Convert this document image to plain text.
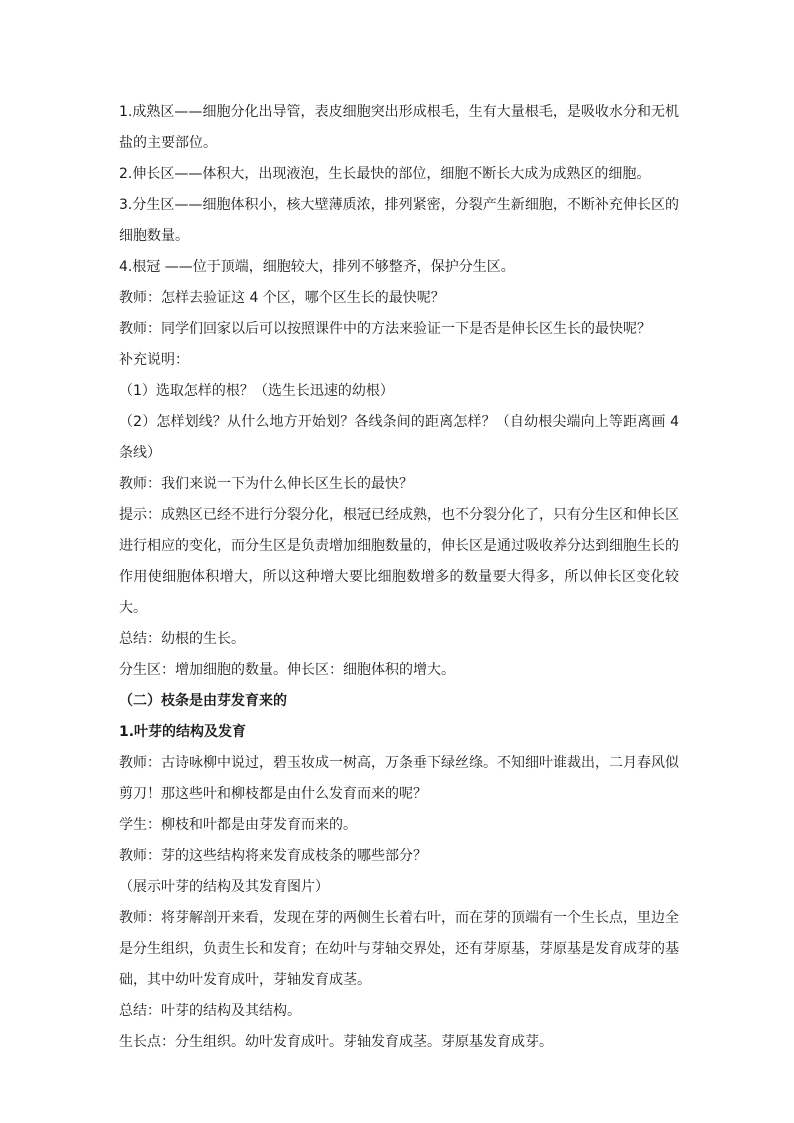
1.成熟区——细胞分化出导管，表皮细胞突出形成根毛，生有大量根毛，是吸收水分和无机盐的主要部位。

2.伸长区——体积大，出现液泡，生长最快的部位，细胞不断长大成为成熟区的细胞。

3.分生区——细胞体积小，核大壁薄质浓，排列紧密，分裂产生新细胞，不断补充伸长区的细胞数量。

4.根冠 ——位于顶端，细胞较大，排列不够整齐，保护分生区。

教师：怎样去验证这 4 个区，哪个区生长的最快呢？

教师：同学们回家以后可以按照课件中的方法来验证一下是否是伸长区生长的最快呢？

补充说明：

（1）选取怎样的根？（选生长迅速的幼根）

（2）怎样划线？从什么地方开始划？各线条间的距离怎样？（自幼根尖端向上等距离画 4 条线）

教师：我们来说一下为什么伸长区生长的最快？

提示：成熟区已经不进行分裂分化，根冠已经成熟，也不分裂分化了，只有分生区和伸长区进行相应的变化，而分生区是负责增加细胞数量的，伸长区是通过吸收养分达到细胞生长的作用使细胞体积增大，所以这种增大要比细胞数增多的数量要大得多，所以伸长区变化较大。

总结：幼根的生长。

分生区：增加细胞的数量。伸长区：细胞体积的增大。

（二）枝条是由芽发育来的

1.叶芽的结构及发育

教师：古诗咏柳中说过，碧玉妆成一树高，万条垂下绿丝绦。不知细叶谁裁出，二月春风似剪刀！那这些叶和柳枝都是由什么发育而来的呢？

学生：柳枝和叶都是由芽发育而来的。

教师：芽的这些结构将来发育成枝条的哪些部分？

（展示叶芽的结构及其发育图片）

教师：将芽解剖开来看，发现在芽的两侧生长着右叶，而在芽的顶端有一个生长点，里边全是分生组织，负责生长和发育；在幼叶与芽轴交界处，还有芽原基，芽原基是发育成芽的基础，其中幼叶发育成叶，芽轴发育成茎。

总结：叶芽的结构及其结构。

生长点：分生组织。幼叶发育成叶。芽轴发育成茎。芽原基发育成芽。
